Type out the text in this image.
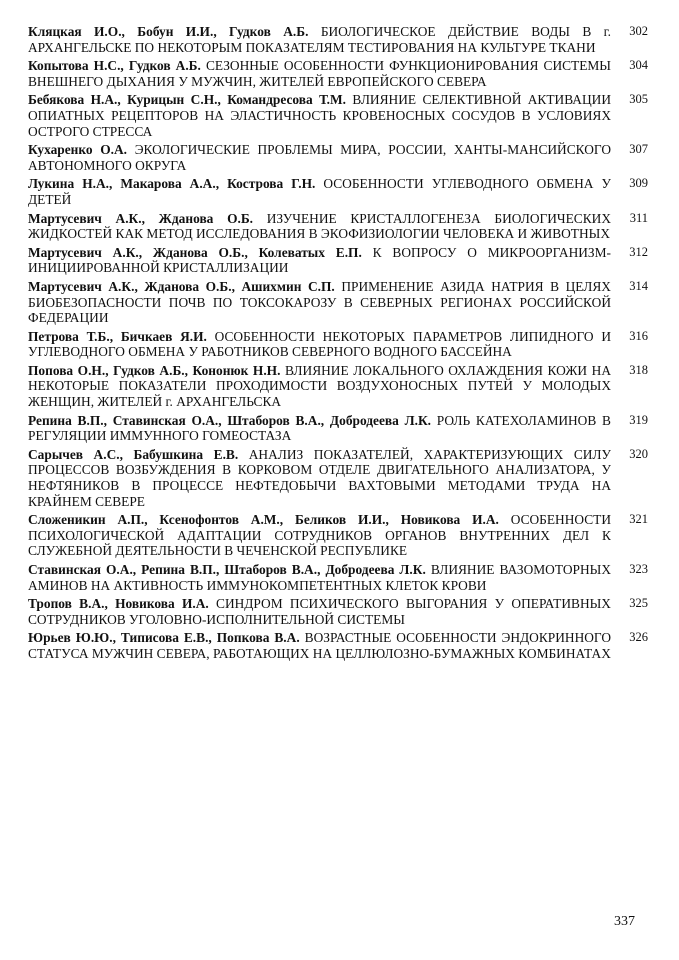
Кляцкая И.О., Бобун И.И., Гудков А.Б. БИОЛОГИЧЕСКОЕ ДЕЙСТВИЕ ВОДЫ В г. АРХАНГЕЛЬСКЕ ПО НЕКОТОРЫМ ПОКАЗАТЕЛЯМ ТЕСТИРОВАНИЯ НА КУЛЬТУРЕ ТКАНИ
302
Копытова Н.С., Гудков А.Б. СЕЗОННЫЕ ОСОБЕННОСТИ ФУНКЦИОНИРОВАНИЯ СИСТЕМЫ ВНЕШНЕГО ДЫХАНИЯ У МУЖЧИН, ЖИТЕЛЕЙ ЕВРОПЕЙСКОГО СЕВЕРА
304
Бебякова Н.А., Курицын С.Н., Командресова Т.М. ВЛИЯНИЕ СЕЛЕКТИВНОЙ АКТИВАЦИИ ОПИАТНЫХ РЕЦЕПТОРОВ НА ЭЛАСТИЧНОСТЬ КРОВЕНОСНЫХ СОСУДОВ В УСЛОВИЯХ ОСТРОГО СТРЕССА
305
Кухаренко О.А. ЭКОЛОГИЧЕСКИЕ ПРОБЛЕМЫ МИРА, РОССИИ, ХАНТЫ-МАНСИЙСКОГО АВТОНОМНОГО ОКРУГА
307
Лукина Н.А., Макарова А.А., Кострова Г.Н. ОСОБЕННОСТИ УГЛЕВОДНОГО ОБМЕНА У ДЕТЕЙ
309
Мартусевич А.К., Жданова О.Б. ИЗУЧЕНИЕ КРИСТАЛЛОГЕНЕЗА БИОЛОГИЧЕСКИХ ЖИДКОСТЕЙ КАК МЕТОД ИССЛЕДОВАНИЯ В ЭКОФИЗИОЛОГИИ ЧЕЛОВЕКА И ЖИВОТНЫХ
311
Мартусевич А.К., Жданова О.Б., Колеватых Е.П. К ВОПРОСУ О МИКРООРГАНИЗМ-ИНИЦИИРОВАННОЙ КРИСТАЛЛИЗАЦИИ
312
Мартусевич А.К., Жданова О.Б., Ашихмин С.П. ПРИМЕНЕНИЕ АЗИДА НАТРИЯ В ЦЕЛЯХ БИОБЕЗОПАСНОСТИ ПОЧВ ПО ТОКСОКАРОЗУ В СЕВЕРНЫХ РЕГИОНАХ РОССИЙСКОЙ ФЕДЕРАЦИИ
314
Петрова Т.Б., Бичкаев Я.И. ОСОБЕННОСТИ НЕКОТОРЫХ ПАРАМЕТРОВ ЛИПИДНОГО И УГЛЕВОДНОГО ОБМЕНА У РАБОТНИКОВ СЕВЕРНОГО ВОДНОГО БАССЕЙНА
316
Попова О.Н., Гудков А.Б., Кононюк Н.Н. ВЛИЯНИЕ ЛОКАЛЬНОГО ОХЛАЖДЕНИЯ КОЖИ НА НЕКОТОРЫЕ ПОКАЗАТЕЛИ ПРОХОДИМОСТИ ВОЗДУХОНОСНЫХ ПУТЕЙ У МОЛОДЫХ ЖЕНЩИН, ЖИТЕЛЕЙ г. АРХАНГЕЛЬСКА
318
Репина В.П., Ставинская О.А., Штаборов В.А., Добродеева Л.К. РОЛЬ КАТЕХОЛАМИНОВ В РЕГУЛЯЦИИ ИММУННОГО ГОМЕОСТАЗА
319
Сарычев А.С., Бабушкина Е.В. АНАЛИЗ ПОКАЗАТЕЛЕЙ, ХАРАКТЕРИЗУЮЩИХ СИЛУ ПРОЦЕССОВ ВОЗБУЖДЕНИЯ В КОРКОВОМ ОТДЕЛЕ ДВИГАТЕЛЬНОГО АНАЛИЗАТОРА, У НЕФТЯНИКОВ В ПРОЦЕССЕ НЕФТЕДОБЫЧИ ВАХТОВЫМИ МЕТОДАМИ ТРУДА НА КРАЙНЕМ СЕВЕРЕ
320
Сложеникин А.П., Ксенофонтов А.М., Беликов И.И., Новикова И.А. ОСОБЕННОСТИ ПСИХОЛОГИЧЕСКОЙ АДАПТАЦИИ СОТРУДНИКОВ ОРГАНОВ ВНУТРЕННИХ ДЕЛ К СЛУЖЕБНОЙ ДЕЯТЕЛЬНОСТИ В ЧЕЧЕНСКОЙ РЕСПУБЛИКЕ
321
Ставинская О.А., Репина В.П., Штаборов В.А., Добродеева Л.К. ВЛИЯНИЕ ВАЗОМОТОРНЫХ АМИНОВ НА АКТИВНОСТЬ ИММУНОКОМПЕТЕНТНЫХ КЛЕТОК КРОВИ
323
Тропов В.А., Новикова И.А. СИНДРОМ ПСИХИЧЕСКОГО ВЫГОРАНИЯ У ОПЕРАТИВНЫХ СОТРУДНИКОВ УГОЛОВНО-ИСПОЛНИТЕЛЬНОЙ СИСТЕМЫ
325
Юрьев Ю.Ю., Типисова Е.В., Попкова В.А. ВОЗРАСТНЫЕ ОСОБЕННОСТИ ЭНДОКРИННОГО СТАТУСА МУЖЧИН СЕВЕРА, РАБОТАЮЩИХ НА ЦЕЛЛЮЛОЗНО-БУМАЖНЫХ КОМБИНАТАХ
326
337
